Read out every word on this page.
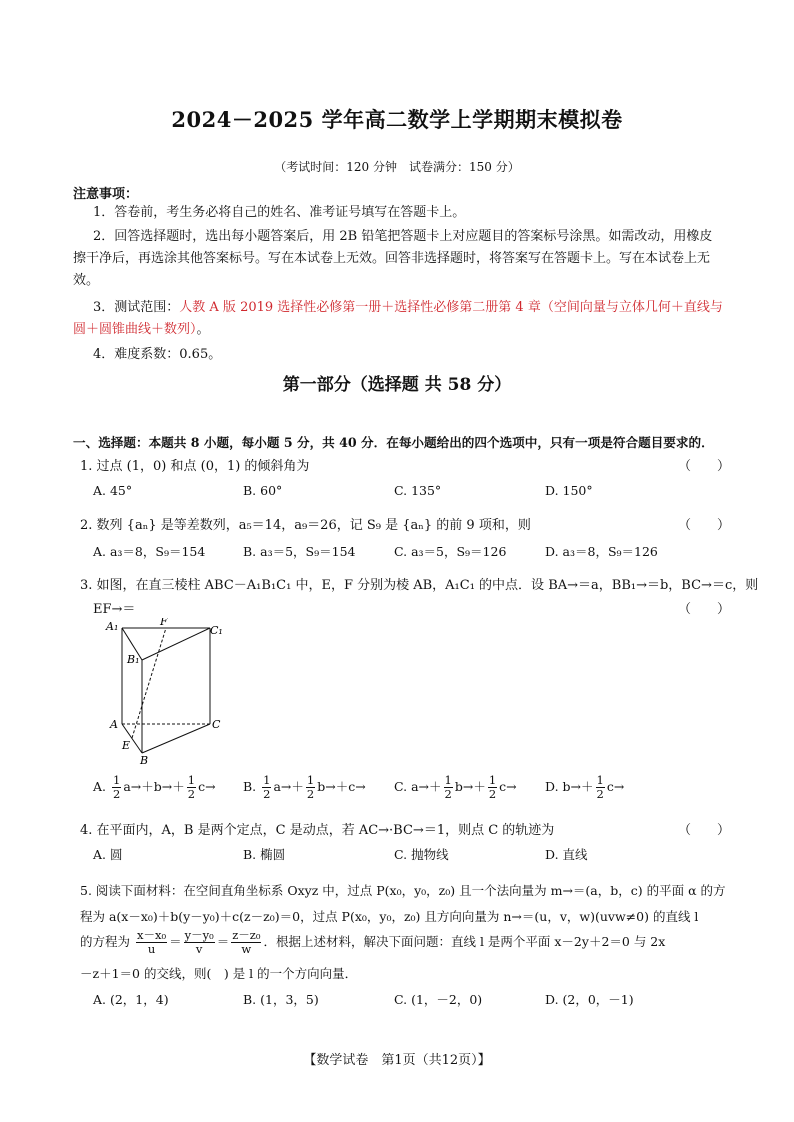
2024－2025 学年高二数学上学期期末模拟卷
（考试时间：120 分钟　试卷满分：150 分）
注意事项：
1．答卷前，考生务必将自己的姓名、准考证号填写在答题卡上。
2．回答选择题时，选出每小题答案后，用 2B 铅笔把答题卡上对应题目的答案标号涂黑。如需改动，用橡皮擦干净后，再选涂其他答案标号。写在本试卷上无效。回答非选择题时，将答案写在答题卡上。写在本试卷上无效。
3．测试范围：人教 A 版 2019 选择性必修第一册＋选择性必修第二册第 4 章（空间向量与立体几何＋直线与圆＋圆锥曲线＋数列）。
4．难度系数：0.65。
第一部分（选择题 共 58 分）
一、选择题：本题共 8 小题，每小题 5 分，共 40 分．在每小题给出的四个选项中，只有一项是符合题目要求的．
1. 过点 (1，0) 和点 (0，1) 的倾斜角为	（　　）
A. 45°	B. 60°	C. 135°	D. 150°
2. 数列 {aₙ} 是等差数列，a₅＝14，a₉＝26，记 S₉ 是 {aₙ} 的前 9 项和，则	（　　）
A. a₃＝8，S₉＝154	B. a₃＝5，S₉＝154	C. a₃＝5，S₉＝126	D. a₃＝8，S₉＝126
3. 如图，在直三棱柱 ABC－A₁B₁C₁ 中，E，F 分别为棱 AB，A₁C₁ 的中点．设 BA→＝a，BB₁→＝b，BC→＝c，则
EF→＝	（　　）
A₁	F
C₁
B₁
A	C
E
B
A. $\frac{1}{2} a\to+b\to+ \frac{1}{2} c\to B$. $\frac{1}{2} a\to+ \frac{1}{2} b\to+c\to C$. $a\to+ \frac{1}{2} b\to+ \frac{1}{2} c\to D$. $b\to+ \frac{1}{2} c\to$
4. 在平面内，A，B 是两个定点，C 是动点，若 AC→·BC→＝1，则点 C 的轨迹为	（　　）
A. 圆	B. 椭圆	C. 抛物线	D. 直线
5. 阅读下面材料：在空间直角坐标系 Oxyz 中，过点 P(x₀，y₀，z₀) 且一个法向量为 m→＝(a，b，c) 的平面 α 的方
程为 a(x－x₀)＋b(y－y₀)＋c(z－z₀)＝0，过点 P(x₀，y₀，z₀) 且方向向量为 n→＝(u，v，w)(uvw≠0) 的直线 l
的方程为 $\frac{\text{x－x₀}}{u} = \frac{\text{y－y₀}}{v} = \frac{\text{z－z₀}}{w}$ ．根据上述材料，解决下面问题：直线 l 是两个平面 x－2y＋2＝0 与 2x
－z＋1＝0 的交线，则(　) 是 l 的一个方向向量．
A. (2，1，4)	B. (1，3，5)	C. (1，－2，0)	D. (2，0，－1)
【数学试卷　第1页（共12页）】
